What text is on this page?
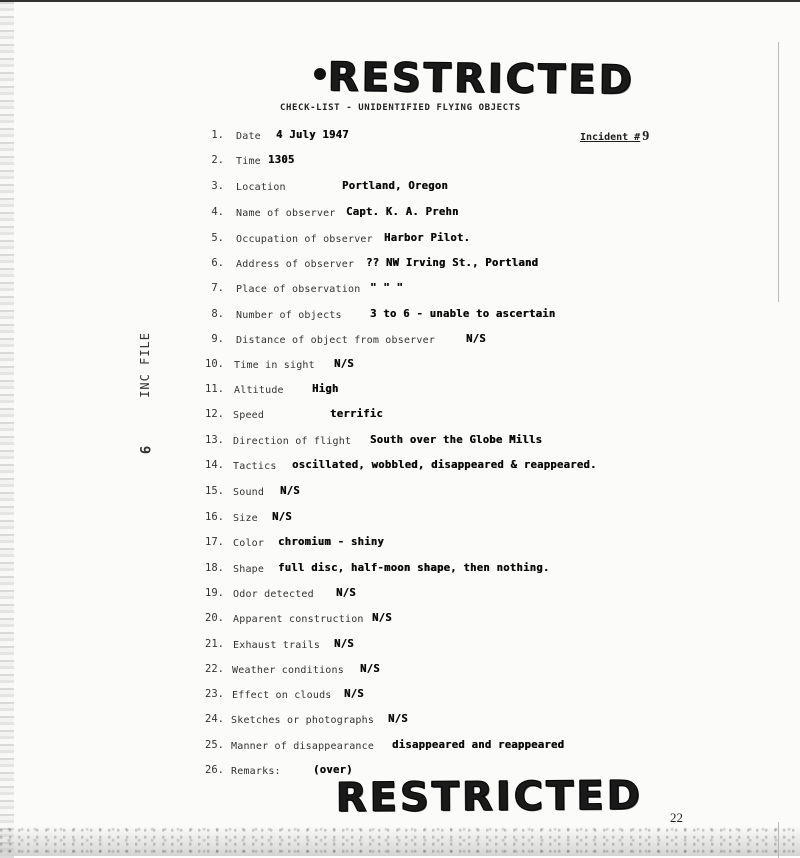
RESTRICTED
CHECK-LIST - UNIDENTIFIED FLYING OBJECTS
Incident # 9
INC FILE
9
1. Date 4 July 1947
2. Time 1305
3. Location	Portland, Oregon
4. Name of observer Capt. K. A. Prehn
5. Occupation of observer Harbor Pilot.
6. Address of observer ?? NW Irving St., Portland
7. Place of observation " " "
8. Number of objects	3 to 6 - unable to ascertain
9. Distance of object from observer	N/S
10. Time in sight N/S
11. Altitude	High
12. Speed	terrific
13. Direction of flight South over the Globe Mills
14. Tactics oscillated, wobbled, disappeared & reappeared.
15. Sound N/S
16. Size N/S
17. Color chromium - shiny
18. Shape full disc, half-moon shape, then nothing.
19. Odor detected N/S
20. Apparent construction N/S
21. Exhaust trails N/S
22. Weather conditions N/S
23. Effect on clouds N/S
24. Sketches or photographs N/S
25. Manner of disappearance disappeared and reappeared
26. Remarks:	(over)
RESTRICTED 22
